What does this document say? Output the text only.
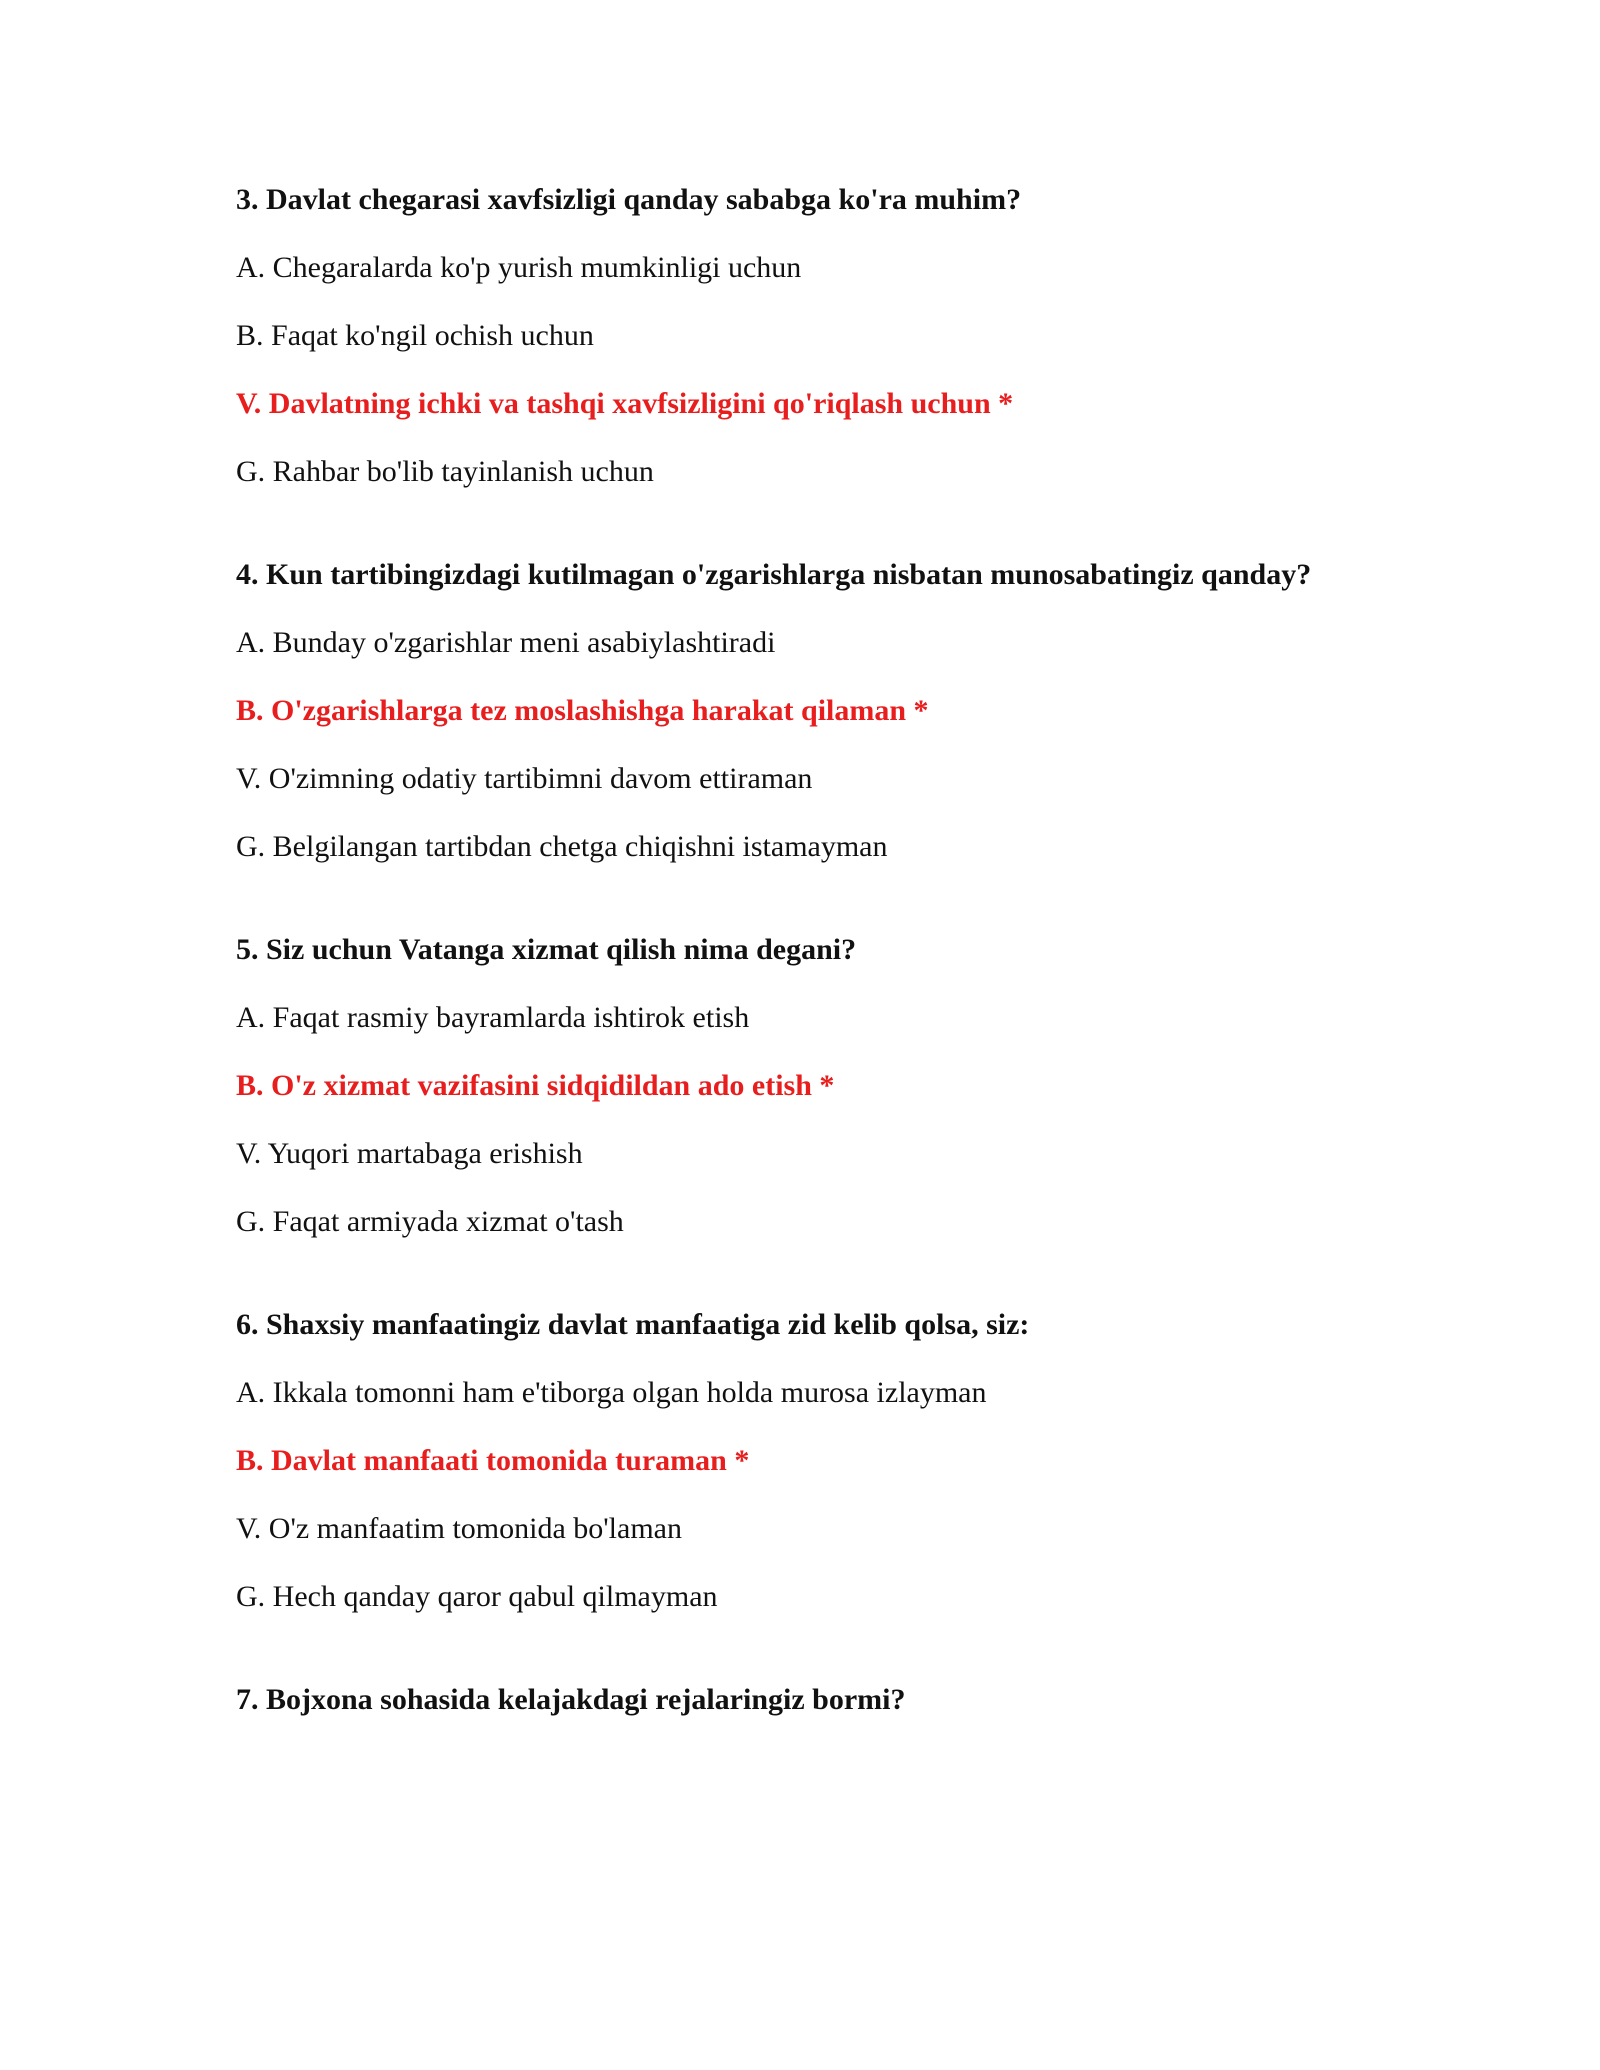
3. Davlat chegarasi xavfsizligi qanday sababga ko'ra muhim?
A. Chegaralarda ko'p yurish mumkinligi uchun
B. Faqat ko'ngil ochish uchun
V. Davlatning ichki va tashqi xavfsizligini qo'riqlash uchun *
G. Rahbar bo'lib tayinlanish uchun
4. Kun tartibingizdagi kutilmagan o'zgarishlarga nisbatan munosabatingiz qanday?
A. Bunday o'zgarishlar meni asabiylashtiradi
B. O'zgarishlarga tez moslashishga harakat qilaman *
V. O'zimning odatiy tartibimni davom ettiraman
G. Belgilangan tartibdan chetga chiqishni istamayman
5. Siz uchun Vatanga xizmat qilish nima degani?
A. Faqat rasmiy bayramlarda ishtirok etish
B. O'z xizmat vazifasini sidqidildan ado etish *
V. Yuqori martabaga erishish
G. Faqat armiyada xizmat o'tash
6. Shaxsiy manfaatingiz davlat manfaatiga zid kelib qolsa, siz:
A. Ikkala tomonni ham e'tiborga olgan holda murosa izlayman
B. Davlat manfaati tomonida turaman *
V. O'z manfaatim tomonida bo'laman
G. Hech qanday qaror qabul qilmayman
7. Bojxona sohasida kelajakdagi rejalaringiz bormi?
